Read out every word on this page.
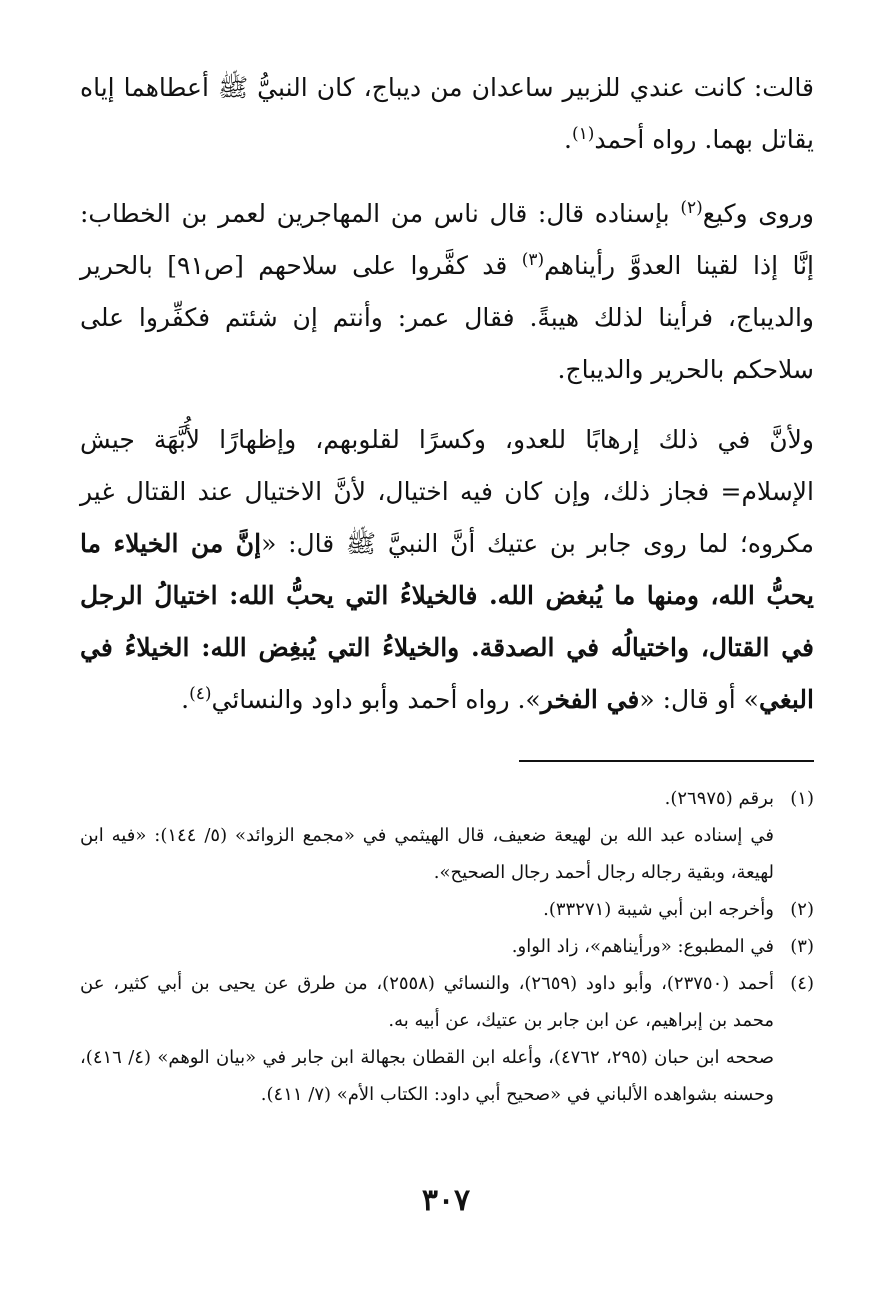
قالت: كانت عندي للزبير ساعدان من ديباج، كان النبيُّ ﷺ أعطاهما إياه يقاتل بهما. رواه أحمد$^{(١)}$.

وروى وكيع$^{(٢)}$ بإسناده قال: قال ناس من المهاجرين لعمر بن الخطاب: إنَّا إذا لقينا العدوَّ رأيناهم$^{(٣)}$ قد كفَّروا على سلاحهم [ص٩١] بالحرير والديباج، فرأينا لذلك هيبةً. فقال عمر: وأنتم إن شئتم فكفِّروا على سلاحكم بالحرير والديباج.

ولأنَّ في ذلك إرهابًا للعدو، وكسرًا لقلوبهم، وإظهارًا لأُبَّهَة جيش الإسلام= فجاز ذلك، وإن كان فيه اختيال، لأنَّ الاختيال عند القتال غير مكروه؛ لما روى جابر بن عتيك أنَّ النبيَّ ﷺ قال: «إنَّ من الخيلاء ما يحبُّ الله، ومنها ما يُبغض الله. فالخيلاءُ التي يحبُّ الله: اختيالُ الرجل في القتال، واختيالُه في الصدقة. والخيلاءُ التي يُبغِض الله: الخيلاءُ في البغي» أو قال: «في الفخر». رواه أحمد وأبو داود والنسائي$^{(٤)}$.

(١)

برقم (٢٦٩٧٥).

في إسناده عبد الله بن لهيعة ضعيف، قال الهيثمي في «مجمع الزوائد» (٥/ ١٤٤): «فيه ابن لهيعة، وبقية رجاله رجال أحمد رجال الصحيح».

(٢)

وأخرجه ابن أبي شيبة (٣٣٢٧١).

(٣)

في المطبوع: «ورأيناهم»، زاد الواو.

(٤)

أحمد (٢٣٧٥٠)، وأبو داود (٢٦٥٩)، والنسائي (٢٥٥٨)، من طرق عن يحيى بن أبي كثير، عن محمد بن إبراهيم، عن ابن جابر بن عتيك، عن أبيه به.

صححه ابن حبان (٢٩٥، ٤٧٦٢)، وأعله ابن القطان بجهالة ابن جابر في «بيان الوهم» (٤/ ٤١٦)، وحسنه بشواهده الألباني في «صحيح أبي داود: الكتاب الأم» (٧/ ٤١١).

٣٠٧
